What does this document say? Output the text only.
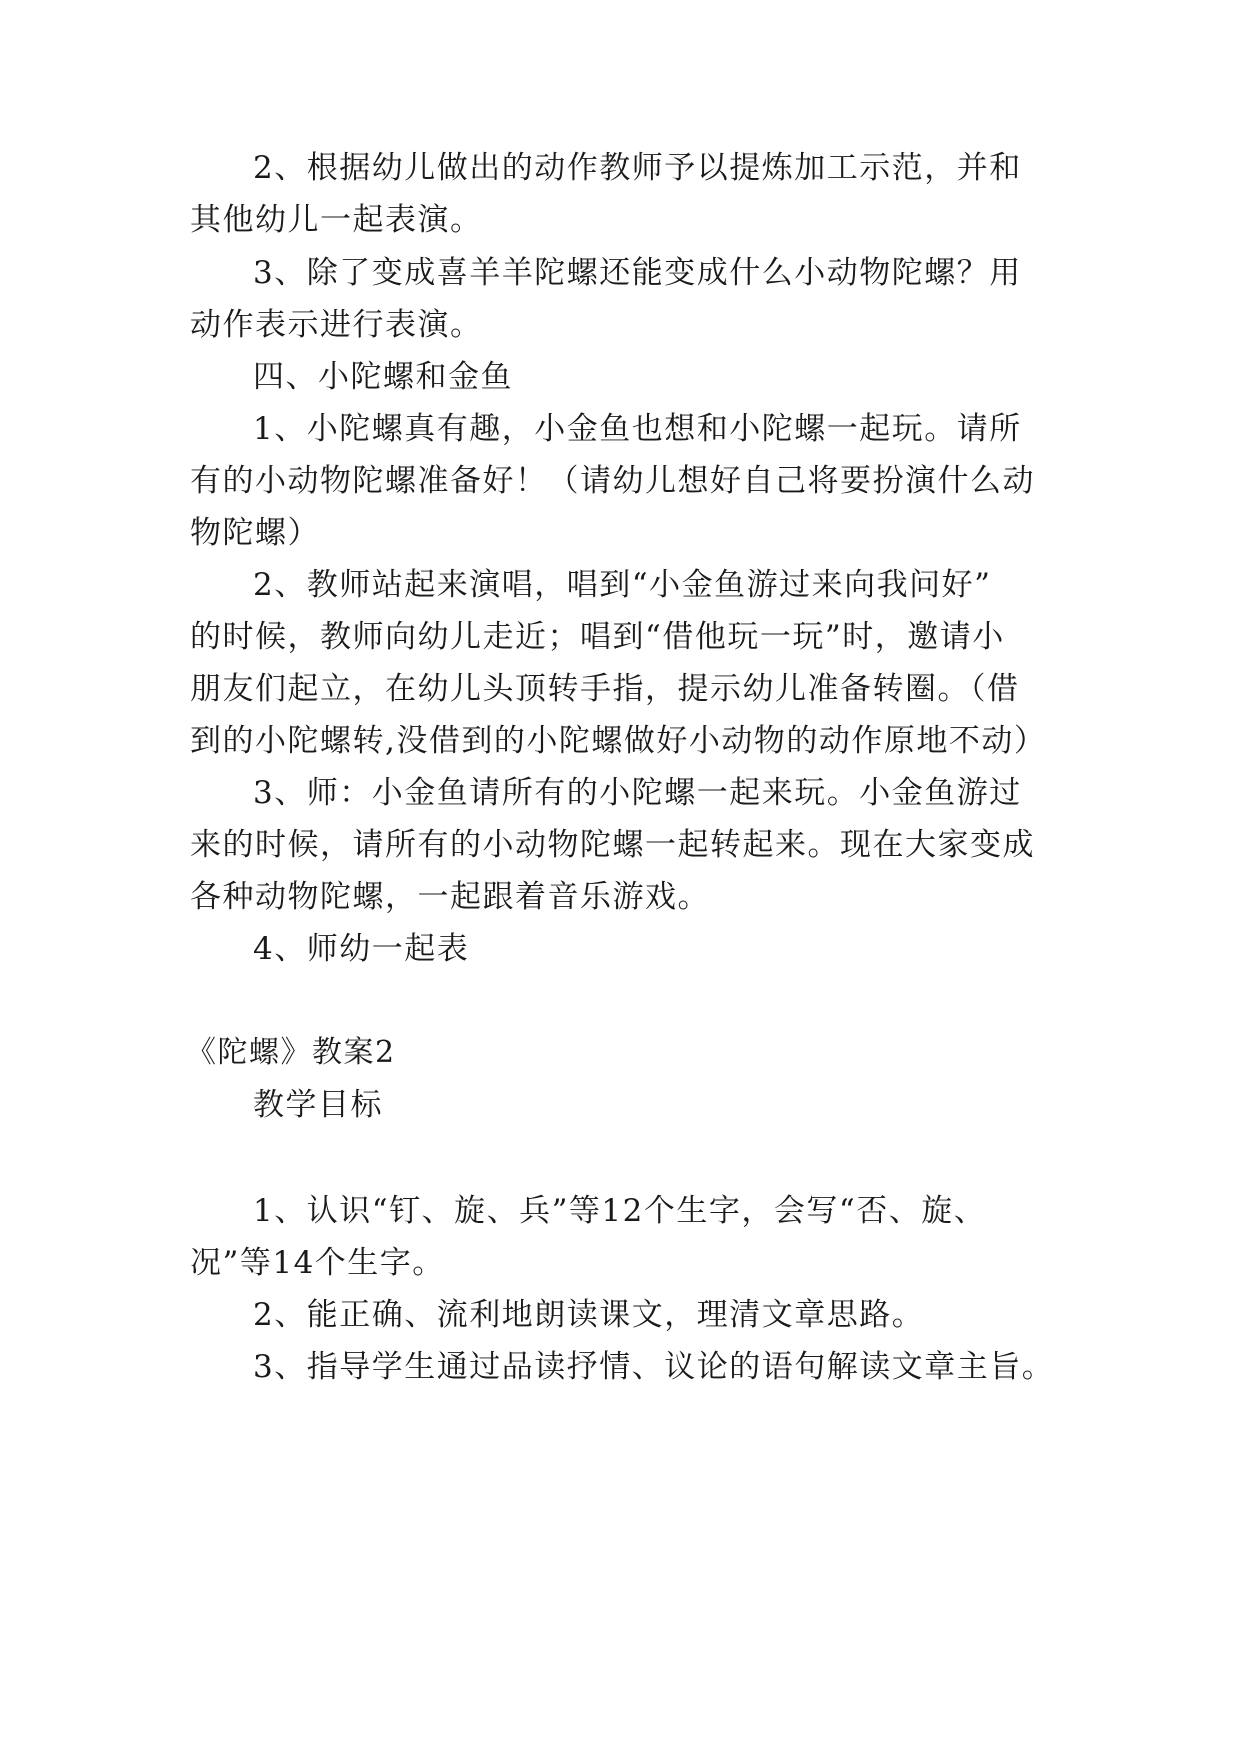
2、根据幼儿做出的动作教师予以提炼加工示范，并和
其他幼儿一起表演。
3、除了变成喜羊羊陀螺还能变成什么小动物陀螺？用
动作表示进行表演。
四、小陀螺和金鱼
1、小陀螺真有趣，小金鱼也想和小陀螺一起玩。请所
有的小动物陀螺准备好！（请幼儿想好自己将要扮演什么动
物陀螺）
2、教师站起来演唱，唱到“小金鱼游过来向我问好”
的时候，教师向幼儿走近；唱到“借他玩一玩”时，邀请小
朋友们起立，在幼儿头顶转手指，提示幼儿准备转圈。（借
到的小陀螺转,没借到的小陀螺做好小动物的动作原地不动）
3、师：小金鱼请所有的小陀螺一起来玩。小金鱼游过
来的时候，请所有的小动物陀螺一起转起来。现在大家变成
各种动物陀螺，一起跟着音乐游戏。
4、师幼一起表
《陀螺》教案2
教学目标
1、认识“钉、旋、兵”等12个生字，会写“否、旋、
况”等14个生字。
2、能正确、流利地朗读课文，理清文章思路。
3、指导学生通过品读抒情、议论的语句解读文章主旨。
